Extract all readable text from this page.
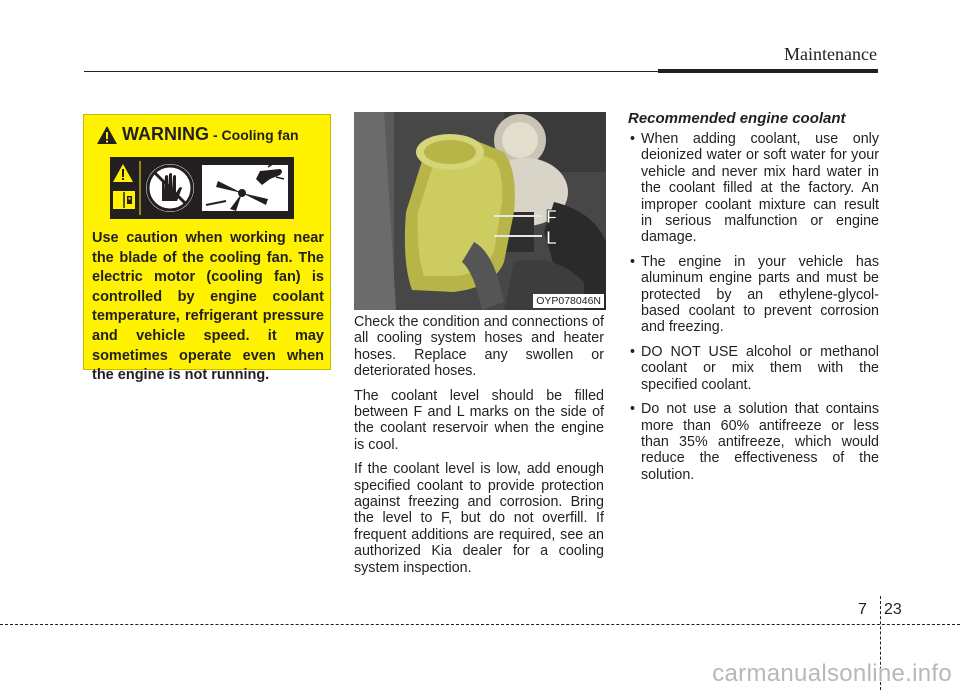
Maintenance
WARNING - Cooling fan
Use caution when working near the blade of the cooling fan. The electric motor (cooling fan) is controlled by engine coolant temperature, refrigerant pressure and vehicle speed. it may sometimes operate even when the engine is not running.
F
L
OYP078046N

Check the condition and connections of all cooling system hoses and heater hoses. Replace any swollen or deteriorated hoses.

The coolant level should be filled between F and L marks on the side of the coolant reservoir when the engine is cool.

If the coolant level is low, add enough specified coolant to provide protection against freezing and corrosion. Bring the level to F, but do not overfill. If frequent additions are required, see an authorized Kia dealer for a cooling system inspection.

Recommended engine coolant
• When adding coolant, use only deionized water or soft water for your vehicle and never mix hard water in the coolant filled at the factory. An improper coolant mixture can result in serious malfunction or engine damage.
• The engine in your vehicle has aluminum engine parts and must be protected by an ethylene-glycol-based coolant to prevent corrosion and freezing.
• DO NOT USE alcohol or methanol coolant or mix them with the specified coolant.
• Do not use a solution that contains more than 60% antifreeze or less than 35% antifreeze, which would reduce the effectiveness of the solution.
7 23
carmanualsonline.info
